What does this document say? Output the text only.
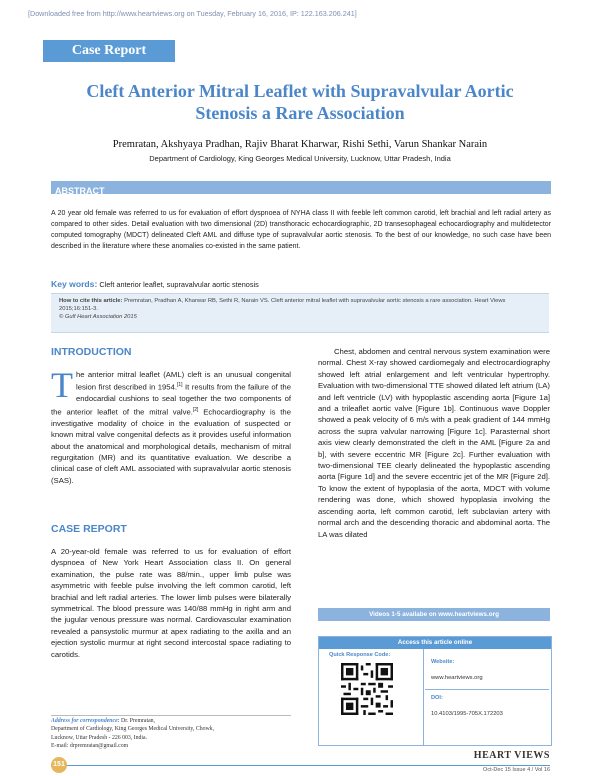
[Downloaded free from http://www.heartviews.org on Tuesday, February 16, 2016, IP: 122.163.206.241]
Case Report
Cleft Anterior Mitral Leaflet with Supravalvular Aortic
Stenosis a Rare Association
Premratan, Akshyaya Pradhan, Rajiv Bharat Kharwar, Rishi Sethi, Varun Shankar Narain
Department of Cardiology, King Georges Medical University, Lucknow, Uttar Pradesh, India
ABSTRACT
A 20 year old female was referred to us for evaluation of effort dyspnoea of NYHA class II with feeble left common carotid, left brachial and left radial artery as compared to other sides. Detail evaluation with two dimensional (2D) transthoracic echocardiographic, 2D transesophageal echocardiography and multidetector computed tomography (MDCT) delineated Cleft AML and diffuse type of supravalvular aortic stenosis. To the best of our knowledge, no such case have been described in the literature where these anomalies co-existed in the same patient.
Key words: Cleft anterior leaflet, supravalvular aortic stenosis
How to cite this article: Premratan, Pradhan A, Kharwar RB, Sethi R, Narain VS. Cleft anterior mitral leaflet with supravalvular aortic stenosis a rare association. Heart Views 2015;16:151-3.
© Gulf Heart Association 2015
INTRODUCTION

The anterior mitral leaflet (AML) cleft is an unusual congenital lesion first described in 1954.[1] It results from the failure of the endocardial cushions to seal together the two components of the anterior leaflet of the mitral valve.[2] Echocardiography is the investigative modality of choice in the evaluation of suspected or known mitral valve congenital defects as it provides useful information about the anatomical and morphological details, mechanism of mitral regurgitation (MR) and its quantitative evaluation. We describe a clinical case of cleft AML associated with supravalvular aortic stenosis (SAS).

CASE REPORT

A 20-year-old female was referred to us for evaluation of effort dyspnoea of New York Heart Association class II. On general examination, the pulse rate was 88/min., upper limb pulse was asymmetric with feeble pulse involving the left common carotid, left brachial and left radial arteries. The lower limb pulses were bilaterally symmetrical. The blood pressure was 140/88 mmHg in right arm and the jugular venous pressure was normal. Cardiovascular examination revealed a pansystolic murmur at apex radiating to the axilla and an ejection systolic murmur at right second intercostal space radiating to carotids.

Chest, abdomen and central nervous system examination were normal. Chest X-ray showed cardiomegaly and electrocardiography showed left atrial enlargement and left ventricular hypertrophy. Evaluation with two-dimensional TTE showed dilated left atrium (LA) and left ventricle (LV) with hypoplastic ascending aorta [Figure 1a] and a trileaflet aortic valve [Figure 1b]. Continuous wave Doppler showed a peak velocity of 6 m/s with a peak gradient of 144 mmHg across the supra valvular narrowing [Figure 1c]. Parasternal short axis view clearly demonstrated the cleft in the AML [Figure 2a and b], with severe eccentric MR [Figure 2c]. Further evaluation with two-dimensional TEE clearly delineated the hypoplastic ascending aorta [Figure 1d] and the severe eccentric jet of the MR [Figure 2d]. To know the extent of hypoplasia of the aorta, MDCT with volume rendering was done, which showed hypoplasia involving the ascending aorta, left common carotid, left subclavian artery with normal arch and the descending thoracic and abdominal aorta. The LA was dilated

Videos 1-5 availabe on www.heartviews.org
Access this article online
Quick Response Code:
Website:
www.heartviews.org
DOI:
10.4103/1995-705X.172203
Address for correspondence: Dr. Premratan,
Department of Cardiology, King Georges Medical University, Chowk,
Lucknow, Uttar Pradesh - 226 003, India.
E-mail: drpremratan@gmail.com
151
HEART VIEWS
Oct-Dec 15 Issue 4 / Vol 16
